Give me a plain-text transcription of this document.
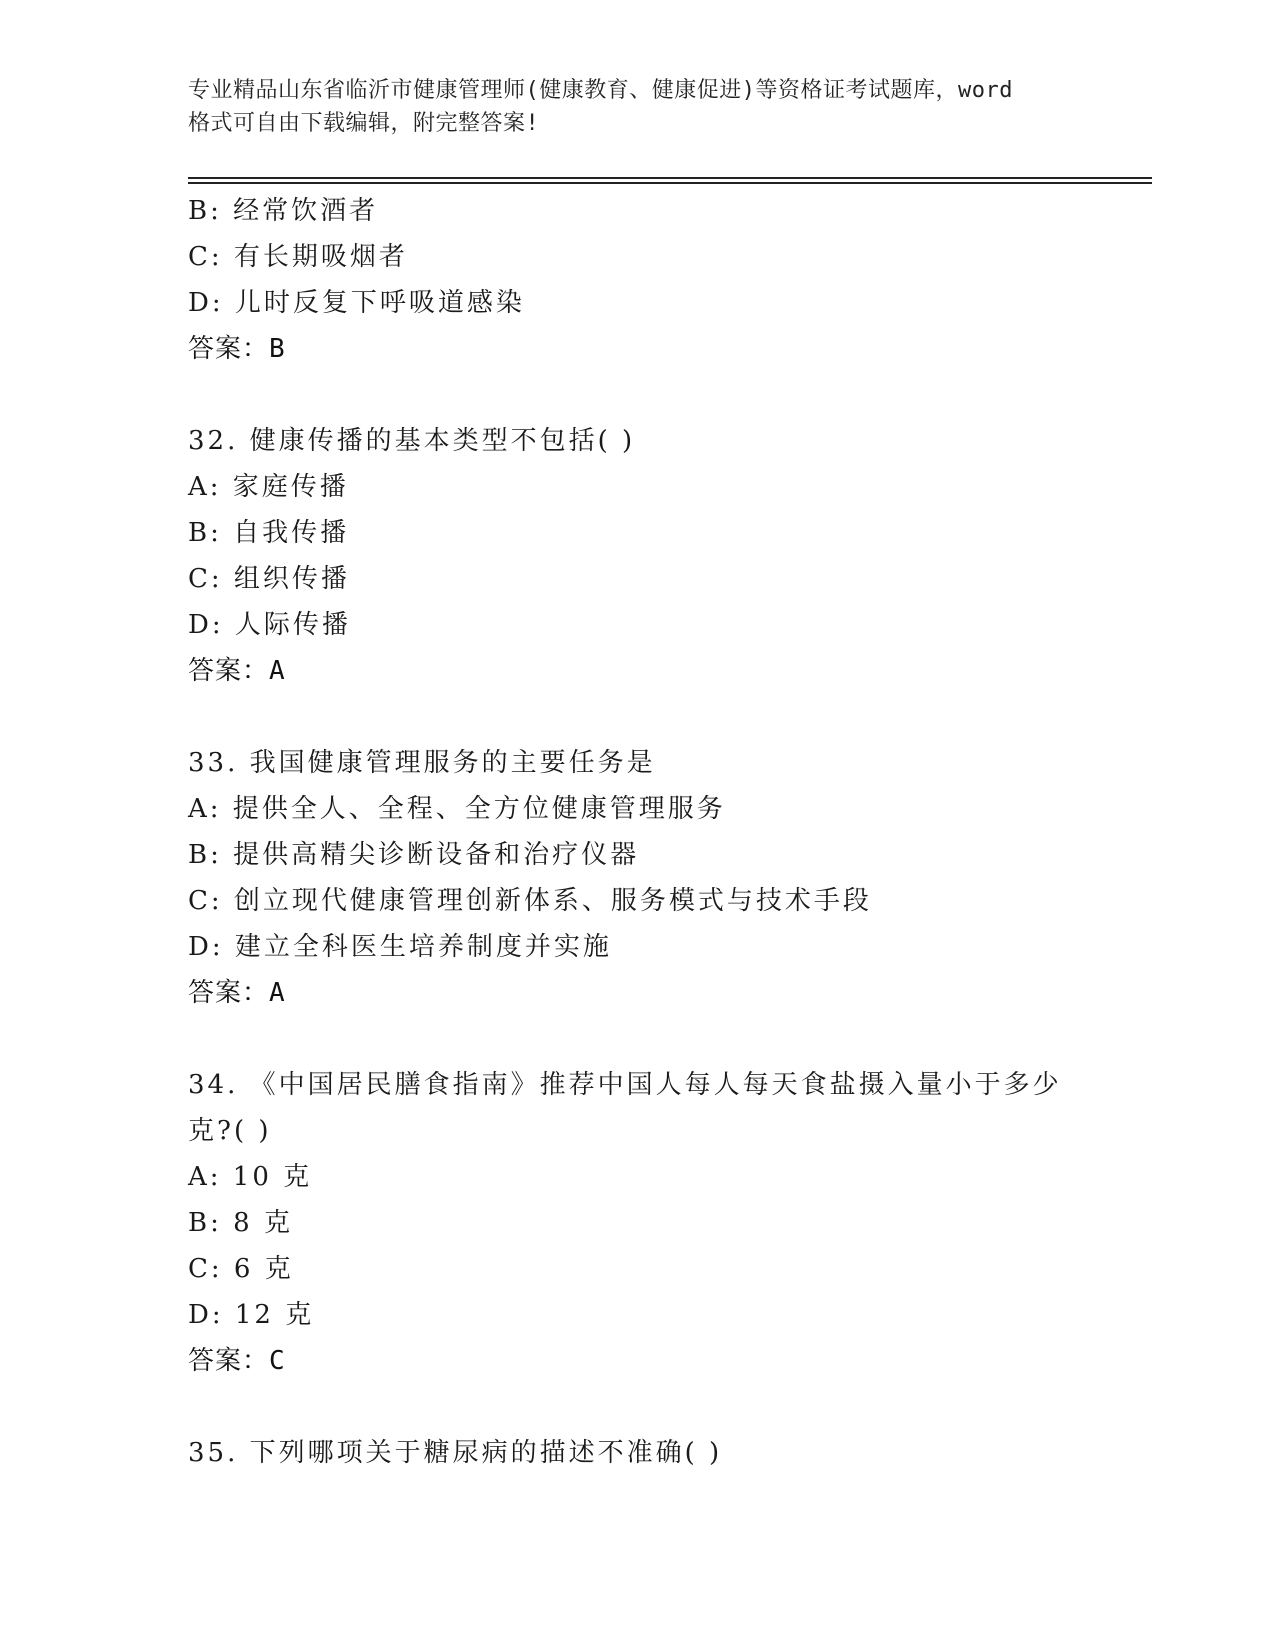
专业精品山东省临沂市健康管理师(健康教育、健康促进)等资格证考试题库，word
格式可自由下载编辑，附完整答案!
B: 经常饮酒者
C: 有长期吸烟者
D: 儿时反复下呼吸道感染
答案：B
32. 健康传播的基本类型不包括( )
A: 家庭传播
B: 自我传播
C: 组织传播
D: 人际传播
答案：A
33. 我国健康管理服务的主要任务是
A: 提供全人、全程、全方位健康管理服务
B: 提供高精尖诊断设备和治疗仪器
C: 创立现代健康管理创新体系、服务模式与技术手段
D: 建立全科医生培养制度并实施
答案：A
34. 《中国居民膳食指南》推荐中国人每人每天食盐摄入量小于多少
克?( )
A: 10 克
B: 8 克
C: 6 克
D: 12 克
答案：C
35. 下列哪项关于糖尿病的描述不准确( )
